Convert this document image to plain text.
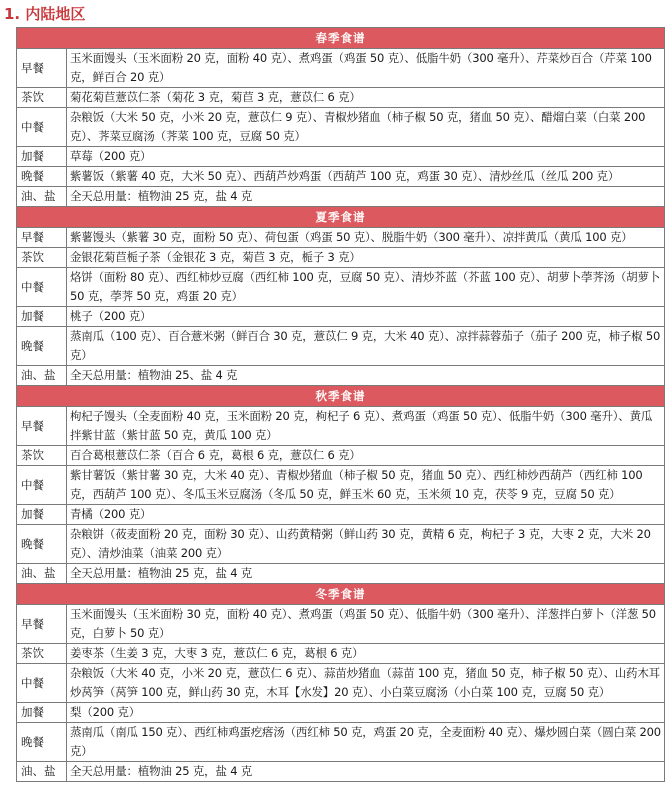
1. 内陆地区
春季食谱	
早餐	玉米面馒头（玉米面粉 20 克，面粉 40 克）、煮鸡蛋（鸡蛋 50 克）、低脂牛奶（300 毫升）、芹菜炒百合（芹菜 100 克，鲜百合 20 克）
茶饮	菊花菊苣薏苡仁茶（菊花 3 克，菊苣 3 克，薏苡仁 6 克）
中餐	杂粮饭（大米 50 克，小米 20 克，薏苡仁 9 克）、青椒炒猪血（柿子椒 50 克，猪血 50 克）、醋熘白菜（白菜 200 克）、荠菜豆腐汤（荠菜 100 克，豆腐 50 克）
加餐	草莓（200 克）
晚餐	紫薯饭（紫薯 40 克，大米 50 克）、西葫芦炒鸡蛋（西葫芦 100 克，鸡蛋 30 克）、清炒丝瓜（丝瓜 200 克）
油、盐	全天总用量：植物油 25 克，盐 4 克
夏季食谱	
早餐	紫薯馒头（紫薯 30 克，面粉 50 克）、荷包蛋（鸡蛋 50 克）、脱脂牛奶（300 毫升）、凉拌黄瓜（黄瓜 100 克）
茶饮	金银花菊苣栀子茶（金银花 3 克，菊苣 3 克，栀子 3 克）
中餐	烙饼（面粉 80 克）、西红柿炒豆腐（西红柿 100 克，豆腐 50 克）、清炒芥蓝（芥蓝 100 克）、胡萝卜荸荠汤（胡萝卜 50 克，荸荠 50 克，鸡蛋 20 克）
加餐	桃子（200 克）
晚餐	蒸南瓜（100 克）、百合薏米粥（鲜百合 30 克，薏苡仁 9 克，大米 40 克）、凉拌蒜蓉茄子（茄子 200 克，柿子椒 50 克）
油、盐	全天总用量：植物油 25、盐 4 克
秋季食谱	
早餐	枸杞子馒头（全麦面粉 40 克，玉米面粉 20 克，枸杞子 6 克）、煮鸡蛋（鸡蛋 50 克）、低脂牛奶（300 毫升）、黄瓜拌紫甘蓝（紫甘蓝 50 克，黄瓜 100 克）
茶饮	百合葛根薏苡仁茶（百合 6 克，葛根 6 克，薏苡仁 6 克）
中餐	紫甘薯饭（紫甘薯 30 克，大米 40 克）、青椒炒猪血（柿子椒 50 克，猪血 50 克）、西红柿炒西葫芦（西红柿 100 克，西葫芦 100 克）、冬瓜玉米豆腐汤（冬瓜 50 克，鲜玉米 60 克，玉米须 10 克，茯苓 9 克，豆腐 50 克）
加餐	青橘（200 克）
晚餐	杂粮饼（莜麦面粉 20 克，面粉 30 克）、山药黄精粥（鲜山药 30 克，黄精 6 克，枸杞子 3 克，大枣 2 克，大米 20 克）、清炒油菜（油菜 200 克）
油、盐	全天总用量：植物油 25 克，盐 4 克
冬季食谱	
早餐	玉米面馒头（玉米面粉 30 克，面粉 40 克）、煮鸡蛋（鸡蛋 50 克）、低脂牛奶（300 毫升）、洋葱拌白萝卜（洋葱 50 克，白萝卜 50 克）
茶饮	姜枣茶（生姜 3 克，大枣 3 克，薏苡仁 6 克，葛根 6 克）
中餐	杂粮饭（大米 40 克，小米 20 克，薏苡仁 6 克）、蒜苗炒猪血（蒜苗 100 克，猪血 50 克，柿子椒 50 克）、山药木耳炒莴笋（莴笋 100 克，鲜山药 30 克，木耳【水发】20 克）、小白菜豆腐汤（小白菜 100 克，豆腐 50 克）
加餐	梨（200 克）
晚餐	蒸南瓜（南瓜 150 克）、西红柿鸡蛋疙瘩汤（西红柿 50 克，鸡蛋 20 克，全麦面粉 40 克）、爆炒圆白菜（圆白菜 200 克）
油、盐	全天总用量：植物油 25 克，盐 4 克
